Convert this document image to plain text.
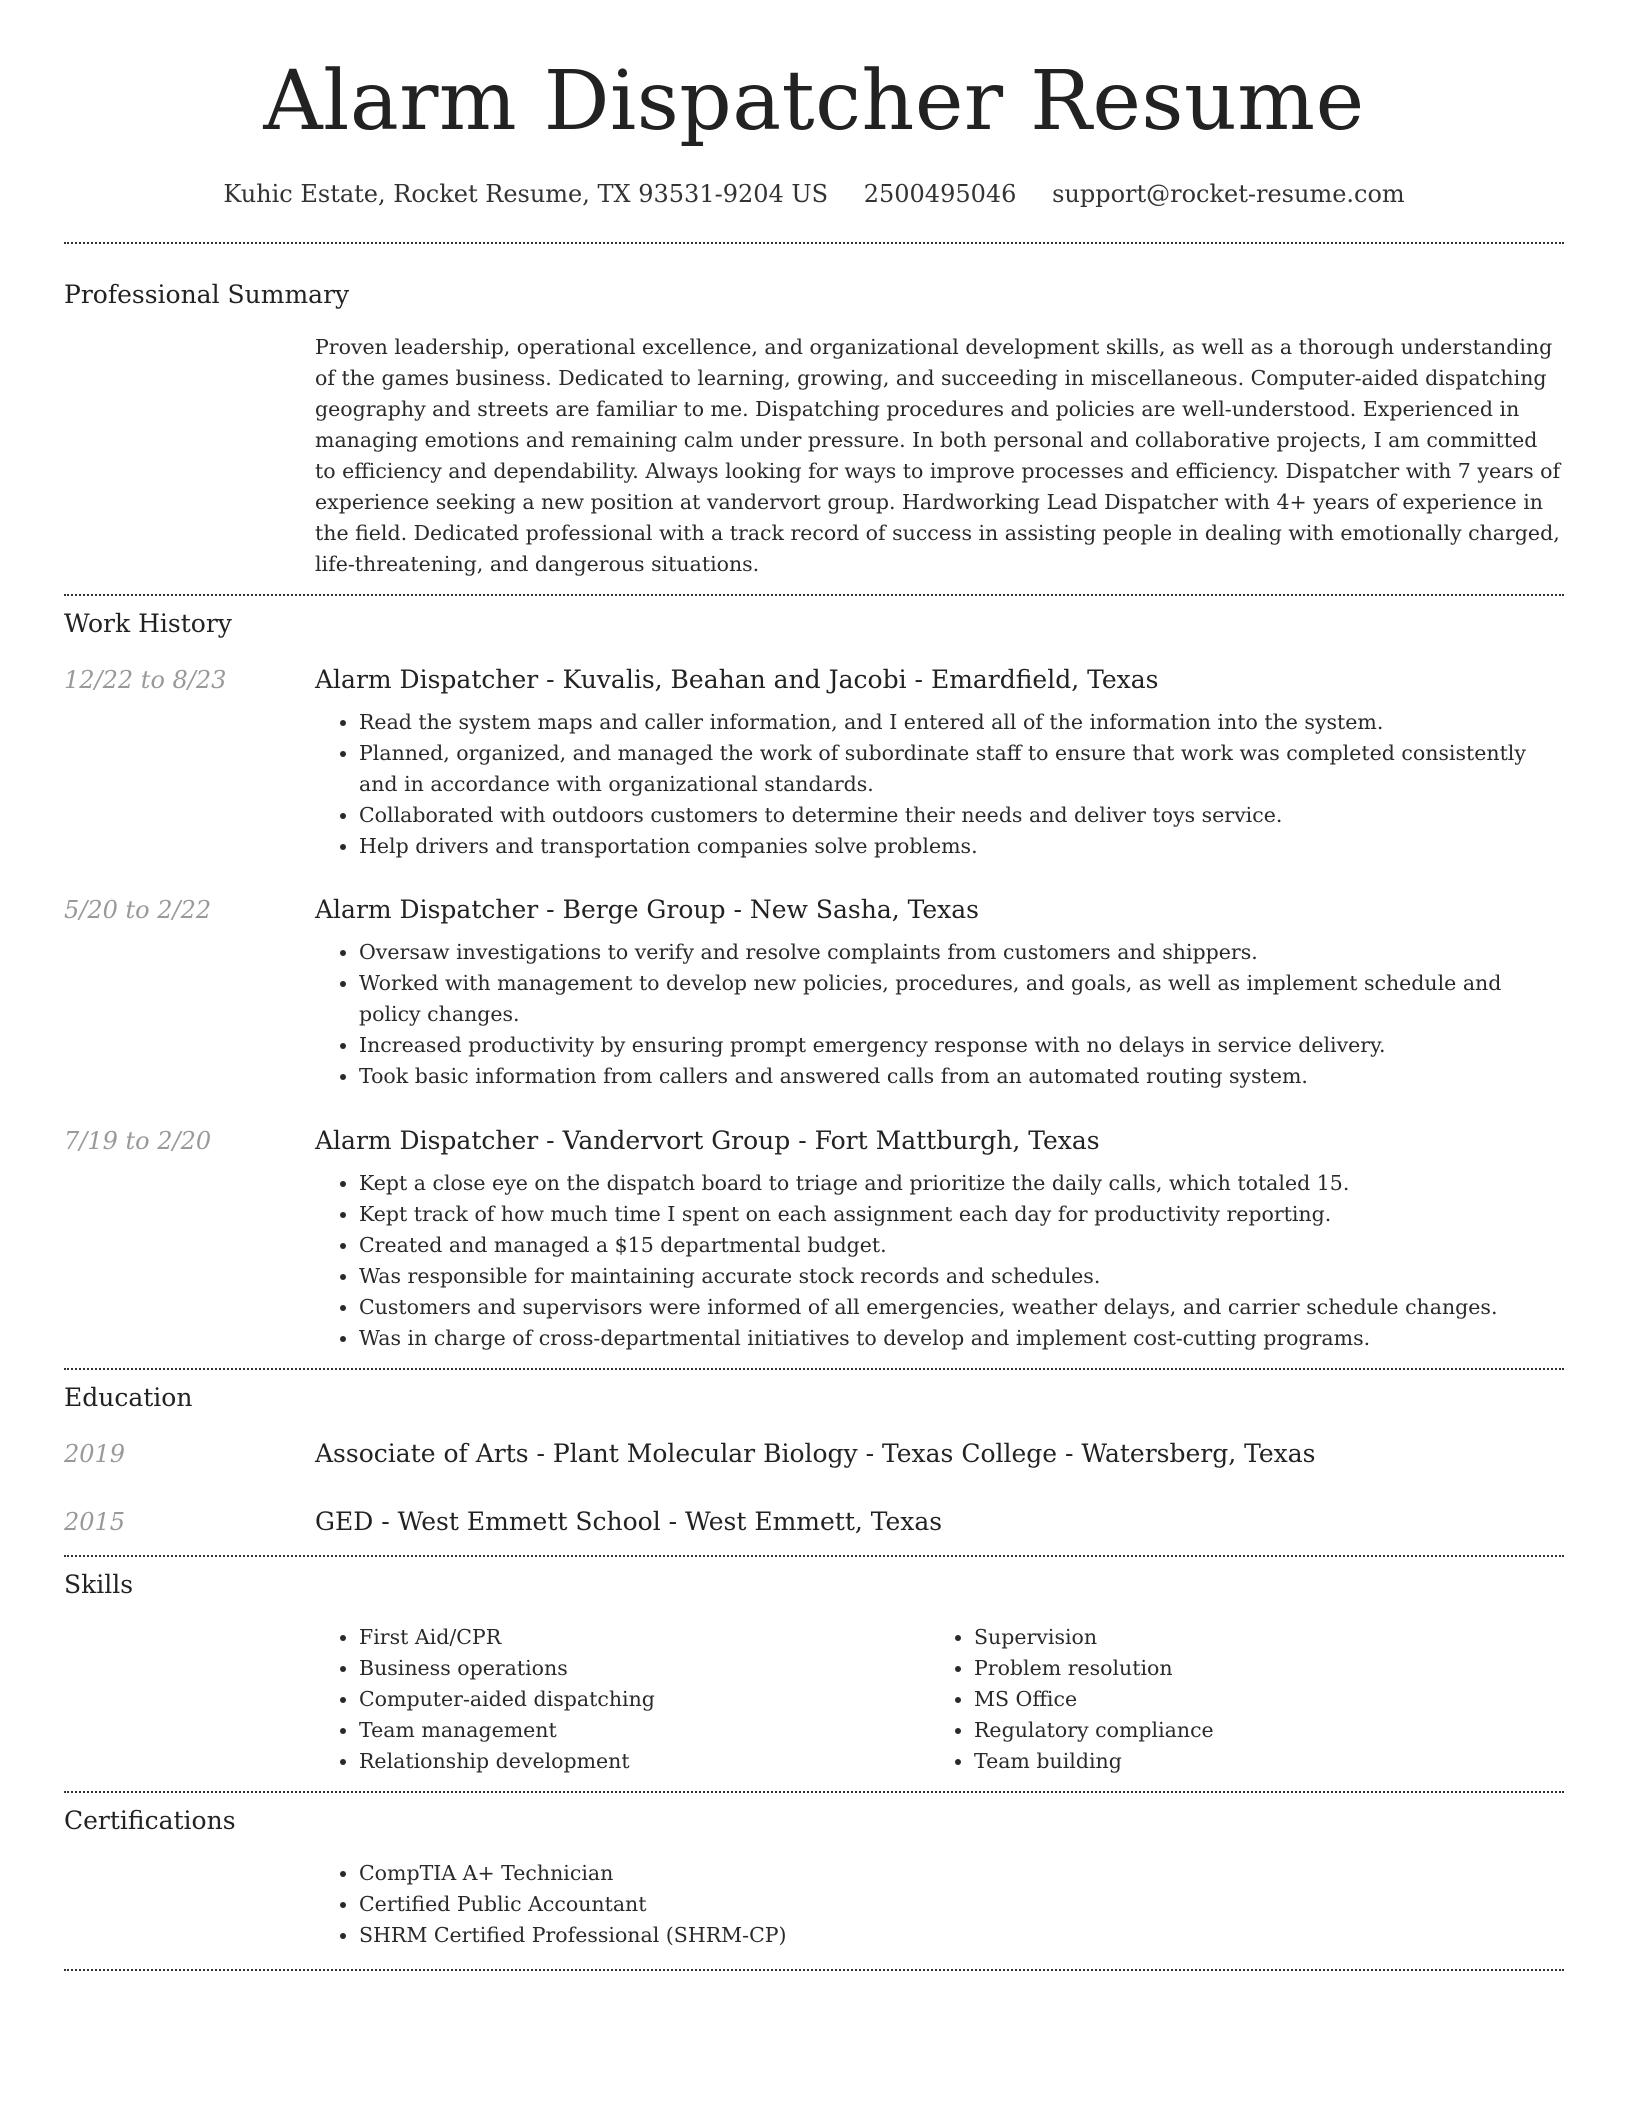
Alarm Dispatcher Resume
Kuhic Estate, Rocket Resume, TX 93531-9204 US 2500495046 support@rocket-resume.com
Professional Summary

Proven leadership, operational excellence, and organizational development skills, as well as a thorough understanding of the games business. Dedicated to learning, growing, and succeeding in miscellaneous. Computer-aided dispatching geography and streets are familiar to me. Dispatching procedures and policies are well-understood. Experienced in managing emotions and remaining calm under pressure. In both personal and collaborative projects, I am committed to efficiency and dependability. Always looking for ways to improve processes and efficiency. Dispatcher with 7 years of experience seeking a new position at vandervort group. Hardworking Lead Dispatcher with 4+ years of experience in the field. Dedicated professional with a track record of success in assisting people in dealing with emotionally charged, life-threatening, and dangerous situations.

Work History
12/22 to 8/23	Alarm Dispatcher - Kuvalis, Beahan and Jacobi - Emardfield, Texas
• Read the system maps and caller information, and I entered all of the information into the system.
• Planned, organized, and managed the work of subordinate staff to ensure that work was completed consistently and in accordance with organizational standards.
• Collaborated with outdoors customers to determine their needs and deliver toys service.
• Help drivers and transportation companies solve problems.
5/20 to 2/22	Alarm Dispatcher - Berge Group - New Sasha, Texas
• Oversaw investigations to verify and resolve complaints from customers and shippers.
• Worked with management to develop new policies, procedures, and goals, as well as implement schedule and policy changes.
• Increased productivity by ensuring prompt emergency response with no delays in service delivery.
• Took basic information from callers and answered calls from an automated routing system.
7/19 to 2/20	Alarm Dispatcher - Vandervort Group - Fort Mattburgh, Texas
• Kept a close eye on the dispatch board to triage and prioritize the daily calls, which totaled 15.
• Kept track of how much time I spent on each assignment each day for productivity reporting.
• Created and managed a $15 departmental budget.
• Was responsible for maintaining accurate stock records and schedules.
• Customers and supervisors were informed of all emergencies, weather delays, and carrier schedule changes.
• Was in charge of cross-departmental initiatives to develop and implement cost-cutting programs.
Education
2019	Associate of Arts - Plant Molecular Biology - Texas College - Watersberg, Texas
2015	GED - West Emmett School - West Emmett, Texas
Skills
• First Aid/CPR
• Business operations
• Computer-aided dispatching
• Team management
• Relationship development
• Supervision
• Problem resolution
• MS Office
• Regulatory compliance
• Team building
Certifications
• CompTIA A+ Technician
• Certified Public Accountant
• SHRM Certified Professional (SHRM-CP)
